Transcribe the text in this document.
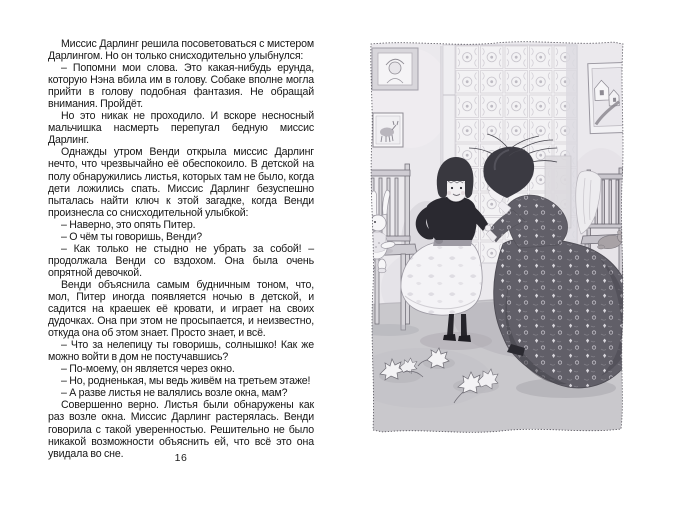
Миссис Дарлинг решила посоветоваться с мистером Дарлингом. Но он только снисходительно улыбнулся:

– Попомни мои слова. Это какая-нибудь ерунда, которую Нэна вбила им в голову. Собаке вполне могла прийти в голову подобная фантазия. Не обращай внимания. Пройдёт.

Но это никак не проходило. И вскоре несносный мальчишка насмерть перепугал бедную миссис Дарлинг.

Однажды утром Венди открыла миссис Дарлинг нечто, что чрезвычайно её обеспокоило. В детской на полу обнаружились листья, которых там не было, когда дети ложились спать. Миссис Дарлинг безуспешно пыталась найти ключ к этой загадке, когда Венди произнесла со снисходительной улыбкой:

– Наверно, это опять Питер.

– О чём ты говоришь, Венди?

– Как только не стыдно не убрать за собой! – продолжала Венди со вздохом. Она была очень опрятной девочкой.

Венди объяснила самым будничным тоном, что, мол, Питер иногда появляется ночью в детской, и садится на краешек её кровати, и играет на своих дудочках. Она при этом не просыпается, и неизвестно, откуда она об этом знает. Просто знает, и всё.

– Что за нелепицу ты говоришь, солнышко! Как же можно войти в дом не постучавшись?

– По-моему, он является через окно.

– Но, родненькая, мы ведь живём на третьем этаже!

– А разве листья не валялись возле окна, мам?

Совершенно верно. Листья были обнаружены как раз возле окна. Миссис Дарлинг растерялась. Венди говорила с такой уверенностью. Решительно не было никакой возможности объяснить ей, что всё это она увидала во сне.	16
